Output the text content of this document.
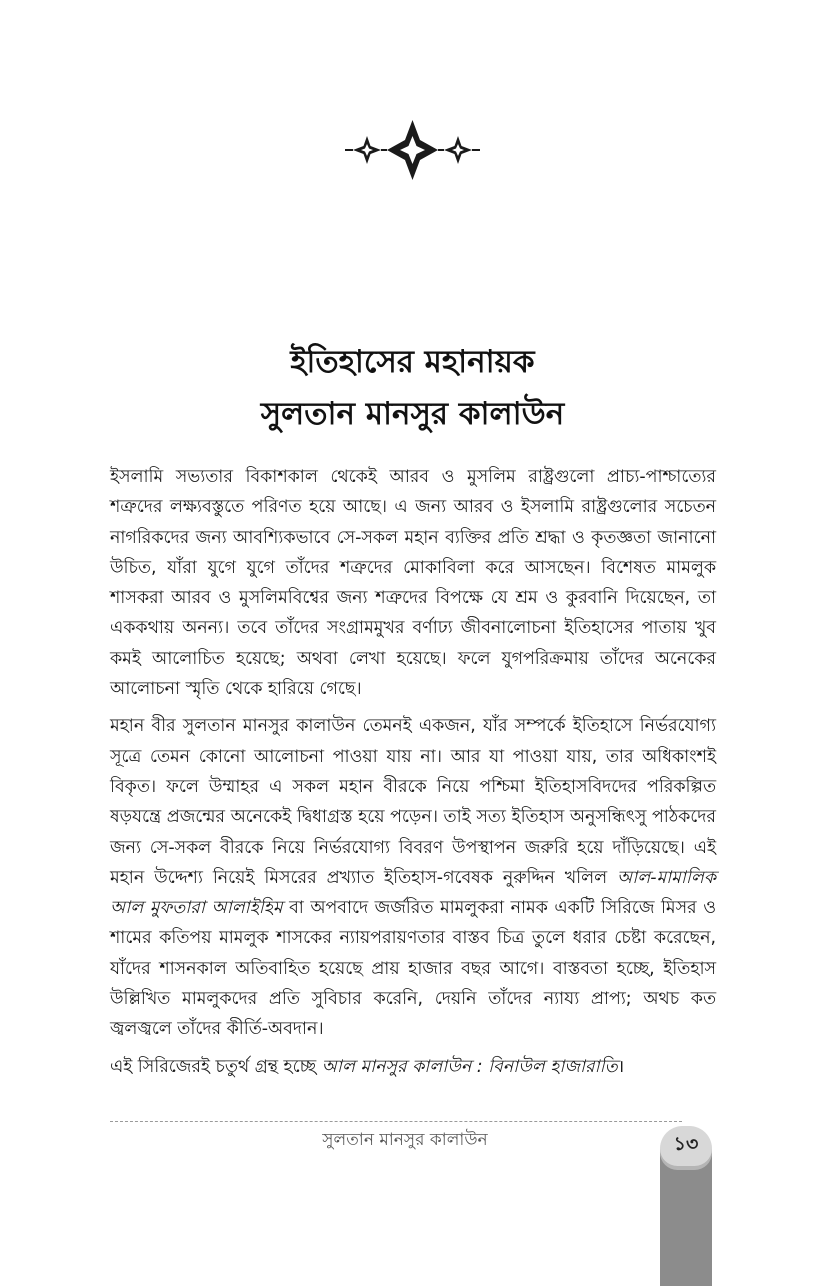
ইতিহাসের মহানায়ক
সুলতান মানসুর কালাউন

ইসলামি সভ্যতার বিকাশকাল থেকেই আরব ও মুসলিম রাষ্ট্রগুলো প্রাচ্য-পাশ্চাত্যের শত্রুদের লক্ষ্যবস্তুতে পরিণত হয়ে আছে। এ জন্য আরব ও ইসলামি রাষ্ট্রগুলোর সচেতন নাগরিকদের জন্য আবশ্যিকভাবে সে-সকল মহান ব্যক্তির প্রতি শ্রদ্ধা ও কৃতজ্ঞতা জানানো উচিত, যাঁরা যুগে যুগে তাঁদের শত্রুদের মোকাবিলা করে আসছেন। বিশেষত মামলুক শাসকরা আরব ও মুসলিমবিশ্বের জন্য শত্রুদের বিপক্ষে যে শ্রম ও কুরবানি দিয়েছেন, তা এককথায় অনন্য। তবে তাঁদের সংগ্রামমুখর বর্ণাঢ্য জীবনালোচনা ইতিহাসের পাতায় খুব কমই আলোচিত হয়েছে; অথবা লেখা হয়েছে। ফলে যুগপরিক্রমায় তাঁদের অনেকের আলোচনা স্মৃতি থেকে হারিয়ে গেছে।

মহান বীর সুলতান মানসুর কালাউন তেমনই একজন, যাঁর সম্পর্কে ইতিহাসে নির্ভরযোগ্য সূত্রে তেমন কোনো আলোচনা পাওয়া যায় না। আর যা পাওয়া যায়, তার অধিকাংশই বিকৃত। ফলে উম্মাহর এ সকল মহান বীরকে নিয়ে পশ্চিমা ইতিহাসবিদদের পরিকল্পিত ষড়যন্ত্রে প্রজন্মের অনেকেই দ্বিধাগ্রস্ত হয়ে পড়েন। তাই সত্য ইতিহাস অনুসন্ধিৎসু পাঠকদের জন্য সে-সকল বীরকে নিয়ে নির্ভরযোগ্য বিবরণ উপস্থাপন জরুরি হয়ে দাঁড়িয়েছে। এই মহান উদ্দেশ্য নিয়েই মিসরের প্রখ্যাত ইতিহাস-গবেষক নুরুদ্দিন খলিল আল-মামালিক আল মুফতারা আলাইহিম বা অপবাদে জর্জরিত মামলুকরা নামক একটি সিরিজে মিসর ও শামের কতিপয় মামলুক শাসকের ন্যায়পরায়ণতার বাস্তব চিত্র তুলে ধরার চেষ্টা করেছেন, যাঁদের শাসনকাল অতিবাহিত হয়েছে প্রায় হাজার বছর আগে। বাস্তবতা হচ্ছে, ইতিহাস উল্লিখিত মামলুকদের প্রতি সুবিচার করেনি, দেয়নি তাঁদের ন্যায্য প্রাপ্য; অথচ কত জ্বলজ্বলে তাঁদের কীর্তি-অবদান।

এই সিরিজেরই চতুর্থ গ্রন্থ হচ্ছে আল মানসুর কালাউন : বিনাউল হাজারাতি।

সুলতান মানসুর কালাউন	১৩
